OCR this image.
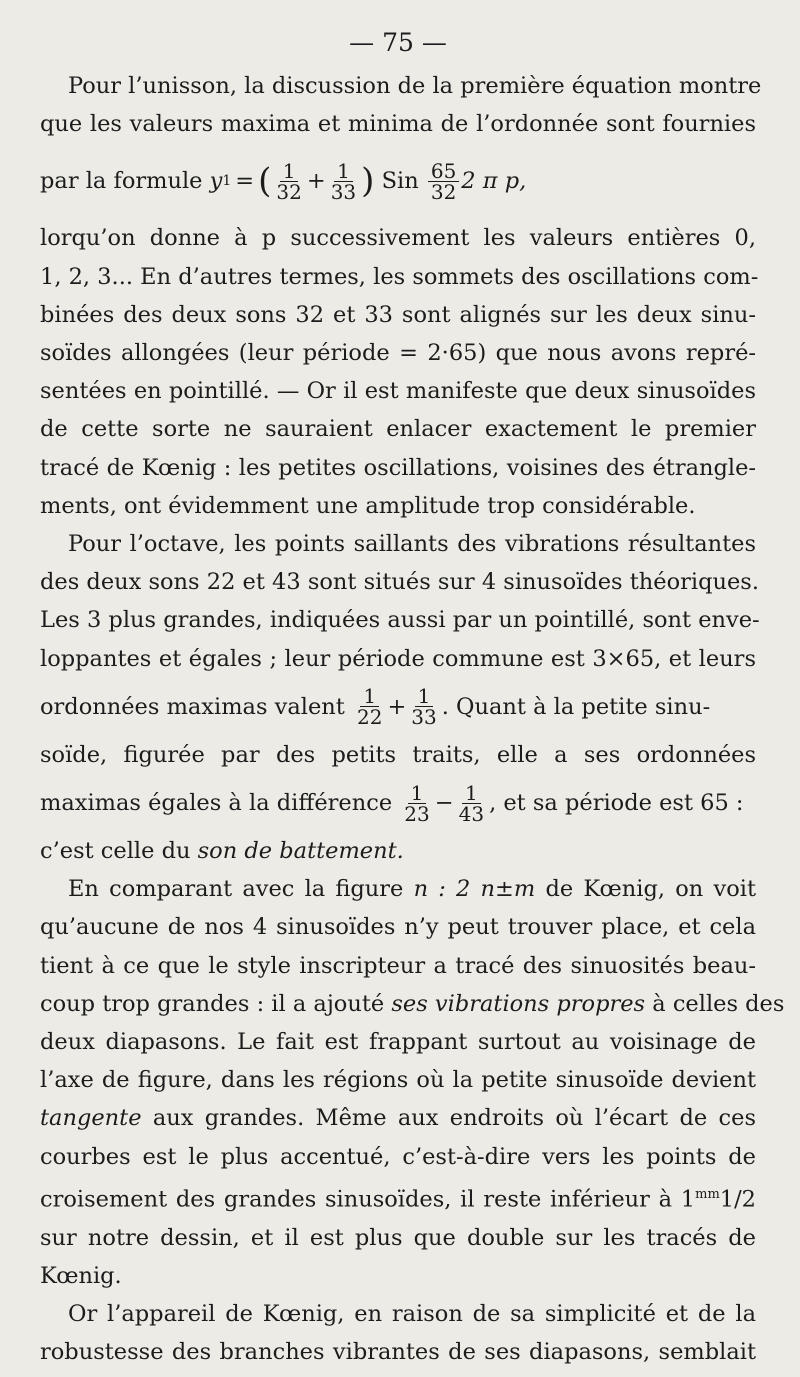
— 75 —
Pour l’unisson, la discussion de la première équation montre
que les valeurs maxima et minima de l’ordonnée sont fournies
par la formule
y 1 = ( $\frac{1}{32} + \frac{1}{33}$ )
Sin
$\frac{65}{32} 2$ π p,
lorqu’on donne à p successivement les valeurs entières 0,
1, 2, 3... En d’autres termes, les sommets des oscillations com-
binées des deux sons 32 et 33 sont alignés sur les deux sinu-
soïdes allongées (leur période = 2·65) que nous avons repré-
sentées en pointillé. — Or il est manifeste que deux sinusoïdes
de cette sorte ne sauraient enlacer exactement le premier
tracé de Kœnig : les petites oscillations, voisines des étrangle-
ments, ont évidemment une amplitude trop considérable.
Pour l’octave, les points saillants des vibrations résultantes
des deux sons 22 et 43 sont situés sur 4 sinusoïdes théoriques.
Les 3 plus grandes, indiquées aussi par un pointillé, sont enve-
loppantes et égales ; leur période commune est 3×65, et leurs
ordonnées maximas valent
$\frac{1}{22} + \frac{1}{33}$ . Quant à la petite sinu-
soïde, figurée par des petits traits, elle a ses ordonnées
maximas égales à la différence
$\frac{1}{23} - \frac{1}{43}$ , et sa période est 65 :
c’est celle du son de battement.
En comparant avec la figure n : 2 n±m de Kœnig, on voit
qu’aucune de nos 4 sinusoïdes n’y peut trouver place, et cela
tient à ce que le style inscripteur a tracé des sinuosités beau-
coup trop grandes : il a ajouté ses vibrations propres à celles des
deux diapasons. Le fait est frappant surtout au voisinage de
l’axe de figure, dans les régions où la petite sinusoïde devient
tangente aux grandes. Même aux endroits où l’écart de ces
courbes est le plus accentué, c’est-à-dire vers les points de
croisement des grandes sinusoïdes, il reste inférieur à $1^{mm}1/2$
sur notre dessin, et il est plus que double sur les tracés de
Kœnig.
Or l’appareil de Kœnig, en raison de sa simplicité et de la
robustesse des branches vibrantes de ses diapasons, semblait
